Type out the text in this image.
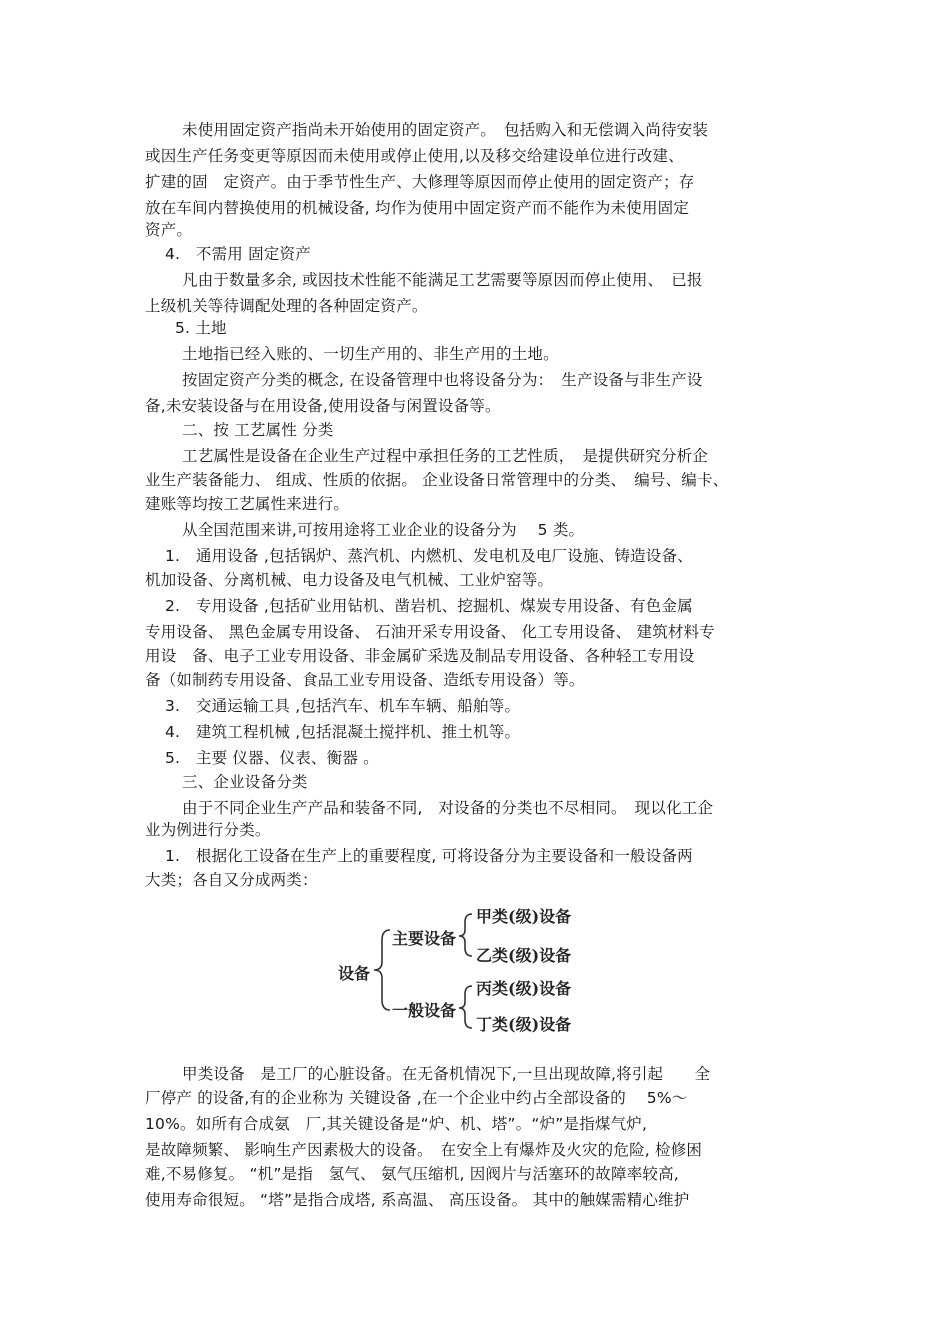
未使用固定资产指尚未开始使用的固定资产。　包括购入和无偿调入尚待安装
或因生产任务变更等原因而未使用或停止使用,以及移交给建设单位进行改建、
扩建的固　定资产。由于季节性生产、大修理等原因而停止使用的固定资产；存
放在车间内替换使用的机械设备, 均作为使用中固定资产而不能作为未使用固定
资产。
4.　不需用 固定资产
凡由于数量多余, 或因技术性能不能满足工艺需要等原因而停止使用、　已报
上级机关等待调配处理的各种固定资产。
5. 土地
土地指已经入账的、一切生产用的、非生产用的土地。
按固定资产分类的概念, 在设备管理中也将设备分为：　生产设备与非生产设
备,未安装设备与在用设备,使用设备与闲置设备等。
二、按 工艺属性 分类
工艺属性是设备在企业生产过程中承担任务的工艺性质，　是提供研究分析企
业生产装备能力、 组成、性质的依据。 企业设备日常管理中的分类、　编号、编卡、
建账等均按工艺属性来进行。
从全国范围来讲,可按用途将工业企业的设备分为　 5 类。
1.　通用设备 ,包括锅炉、蒸汽机、内燃机、发电机及电厂设施、铸造设备、
机加设备、分离机械、电力设备及电气机械、工业炉窑等。
2.　专用设备 ,包括矿业用钻机、凿岩机、挖掘机、煤炭专用设备、有色金属
专用设备、 黑色金属专用设备、 石油开采专用设备、 化工专用设备、 建筑材料专
用设　备、电子工业专用设备、非金属矿采选及制品专用设备、各种轻工专用设
备（如制药专用设备、食品工业专用设备、造纸专用设备）等。
3.　交通运输工具 ,包括汽车、机车车辆、船舶等。
4.　建筑工程机械 ,包括混凝土搅拌机、推土机等。
5.　主要 仪器、仪表、衡器 。
三、企业设备分类
由于不同企业生产产品和装备不同,　对设备的分类也不尽相同。　现以化工企
业为例进行分类。
1.　根据化工设备在生产上的重要程度, 可将设备分为主要设备和一般设备两
大类；各自又分成两类：
设备
主要设备
一般设备
甲类(级)设备
乙类(级)设备
丙类(级)设备
丁类(级)设备
甲类设备　是工厂的心脏设备。在无备机情况下,一旦出现故障,将引起　　全
厂停产 的设备,有的企业称为 关键设备 ,在一个企业中约占全部设备的　 5%～
10%。如所有合成氨　厂,其关键设备是“炉、机、塔”。“炉”是指煤气炉,
是故障频繁、 影响生产因素极大的设备。　在安全上有爆炸及火灾的危险, 检修困
难,不易修复。 “机”是指　氢气、 氨气压缩机, 因阀片与活塞环的故障率较高,
使用寿命很短。 “塔”是指合成塔, 系高温、 高压设备。 其中的触媒需精心维护
